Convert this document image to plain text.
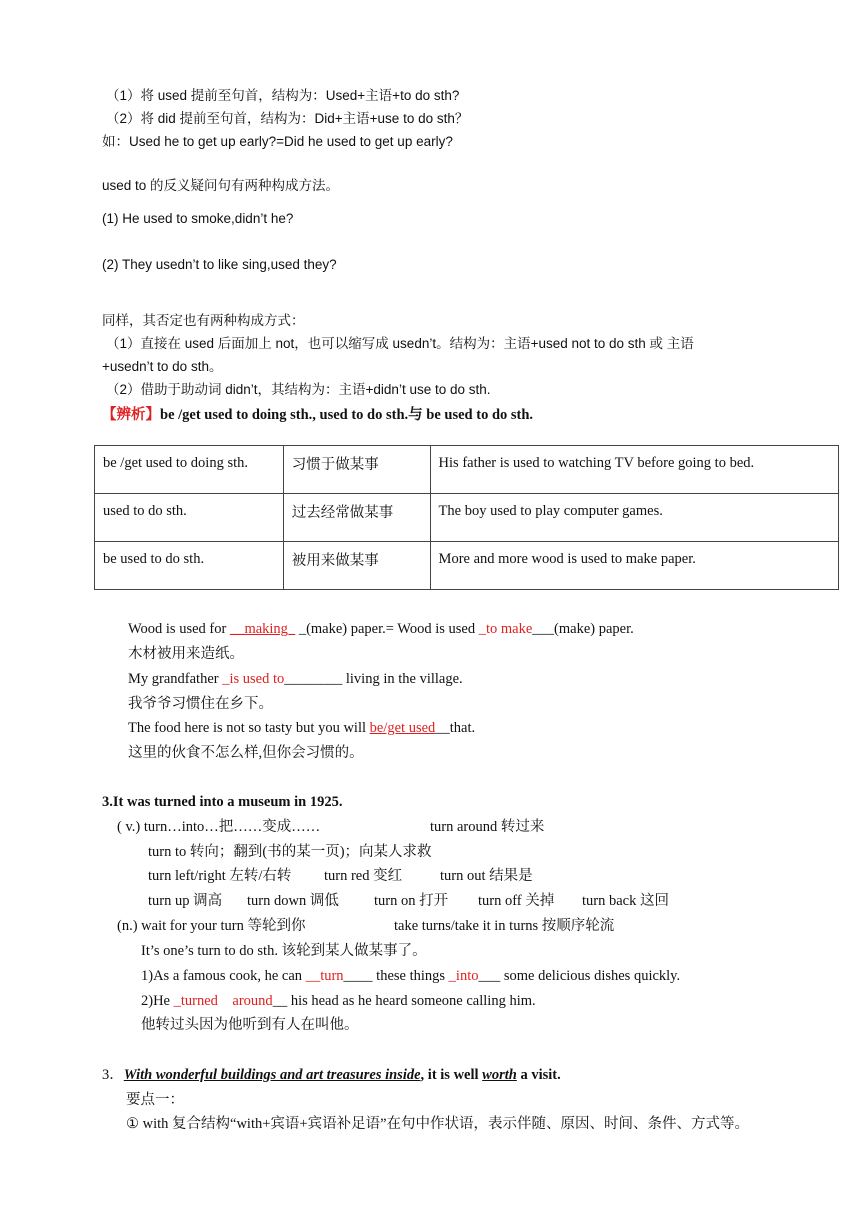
（1）将 used 提前至句首，结构为：Used+主语+to do sth?
（2）将 did 提前至句首，结构为：Did+主语+use to do sth？
如：Used he to get up early?=Did he used to get up early?
used to 的反义疑问句有两种构成方法。
(1) He used to smoke,didn’t he?
(2) They usedn’t to like sing,used they?
同样，其否定也有两种构成方式：
（1）直接在 used 后面加上 not，也可以缩写成 usedn’t。结构为：主语+used not to do sth 或 主语
+usedn’t to do sth。
（2）借助于助动词 didn’t，其结构为：主语+didn’t use to do sth.
【辨析】be /get used to doing sth., used to do sth.与 be used to do sth.
be /get used to doing sth.	习惯于做某事	His father is used to watching TV before going to bed.
used to do sth.	过去经常做某事	The boy used to play computer games.
be used to do sth.	被用来做某事	More and more wood is used to make paper.
Wood is used for __making_ _(make) paper.= Wood is used _to make___(make) paper.
木材被用来造纸。
My grandfather _is used to________ living in the village.
我爷爷习惯住在乡下。
The food here is not so tasty but you will be/get used__that.
这里的伙食不怎么样,但你会习惯的。
3.It was turned into a museum in 1925.
( v.) turn…into…把……变成……	turn around 转过来
turn to 转向；翻到(书的某一页)；向某人求救
turn left/right 左转/右转 turn red 变红	turn out 结果是
turn up 调高 turn down 调低 turn on 打开 turn off 关掉 turn back 这回
(n.) wait for your turn 等轮到你	take turns/take it in turns 按顺序轮流
It’s one’s turn to do sth. 该轮到某人做某事了。
1)As a famous cook, he can __turn____ these things _into___ some delicious dishes quickly.
2)He _turned    around__ his head as he heard someone calling him.
他转过头因为他听到有人在叫他。
3．With wonderful buildings and art treasures inside, it is well worth a visit.
要点一：
① with 复合结构“with+宾语+宾语补足语”在句中作状语，表示伴随、原因、时间、条件、方式等。
